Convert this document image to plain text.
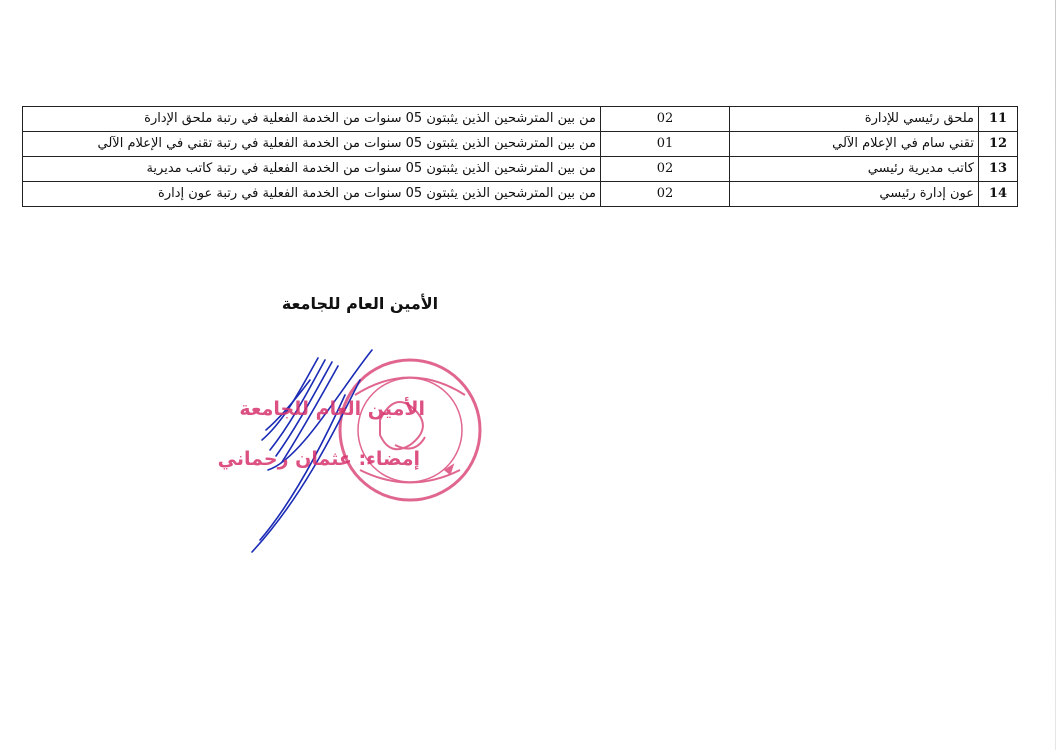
11	ملحق رئيسي للإدارة	02	من بين المترشحين الذين يثبتون 05 سنوات من الخدمة الفعلية في رتبة ملحق الإدارة
12	تقني سام في الإعلام الآلي	01	من بين المترشحين الذين يثبتون 05 سنوات من الخدمة الفعلية في رتبة تقني في الإعلام الآلي
13	كاتب مديرية رئيسي	02	من بين المترشحين الذين يثبتون 05 سنوات من الخدمة الفعلية في رتبة كاتب مديرية
14	عون إدارة رئيسي	02	من بين المترشحين الذين يثبتون 05 سنوات من الخدمة الفعلية في رتبة عون إدارة
الأمين العام للجامعة
الأمين العام للجامعة
إمضاء: عثمان رحماني
